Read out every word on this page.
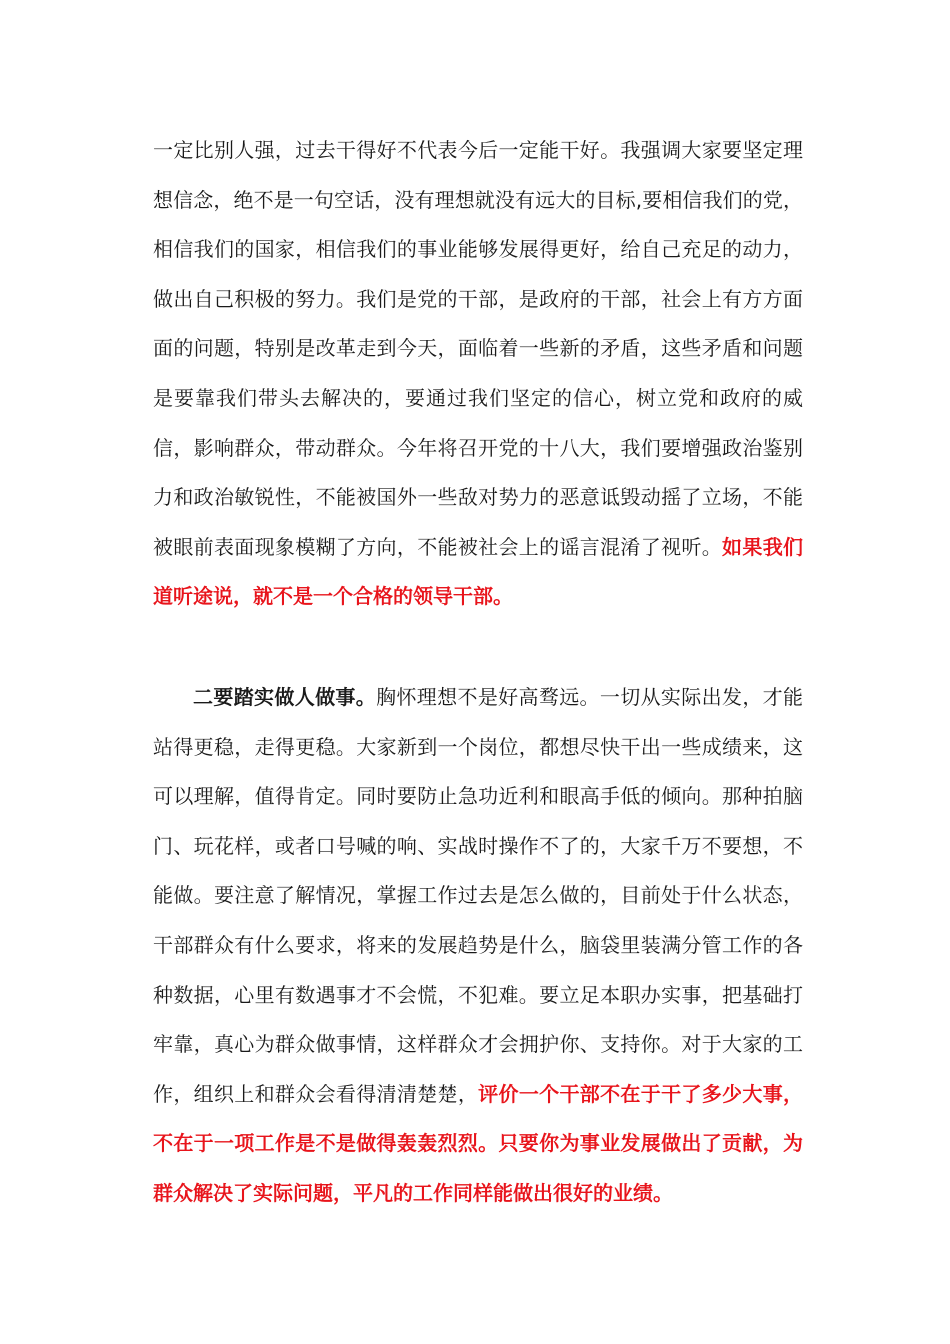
一定比别人强，过去干得好不代表今后一定能干好。我强调大家要坚定理想信念，绝不是一句空话，没有理想就没有远大的目标,要相信我们的党，相信我们的国家，相信我们的事业能够发展得更好，给自己充足的动力，做出自己积极的努力。我们是党的干部，是政府的干部，社会上有方方面面的问题，特别是改革走到今天，面临着一些新的矛盾，这些矛盾和问题是要靠我们带头去解决的，要通过我们坚定的信心，树立党和政府的威信，影响群众，带动群众。今年将召开党的十八大，我们要增强政治鉴别力和政治敏锐性，不能被国外一些敌对势力的恶意诋毁动摇了立场，不能被眼前表面现象模糊了方向，不能被社会上的谣言混淆了视听。如果我们道听途说，就不是一个合格的领导干部。
二要踏实做人做事。胸怀理想不是好高骛远。一切从实际出发，才能站得更稳，走得更稳。大家新到一个岗位，都想尽快干出一些成绩来，这可以理解，值得肯定。同时要防止急功近利和眼高手低的倾向。那种拍脑门、玩花样，或者口号喊的响、实战时操作不了的，大家千万不要想，不能做。要注意了解情况，掌握工作过去是怎么做的，目前处于什么状态，干部群众有什么要求，将来的发展趋势是什么，脑袋里装满分管工作的各种数据，心里有数遇事才不会慌，不犯难。要立足本职办实事，把基础打牢靠，真心为群众做事情，这样群众才会拥护你、支持你。对于大家的工作，组织上和群众会看得清清楚楚，评价一个干部不在于干了多少大事，不在于一项工作是不是做得轰轰烈烈。只要你为事业发展做出了贡献，为群众解决了实际问题，平凡的工作同样能做出很好的业绩。
